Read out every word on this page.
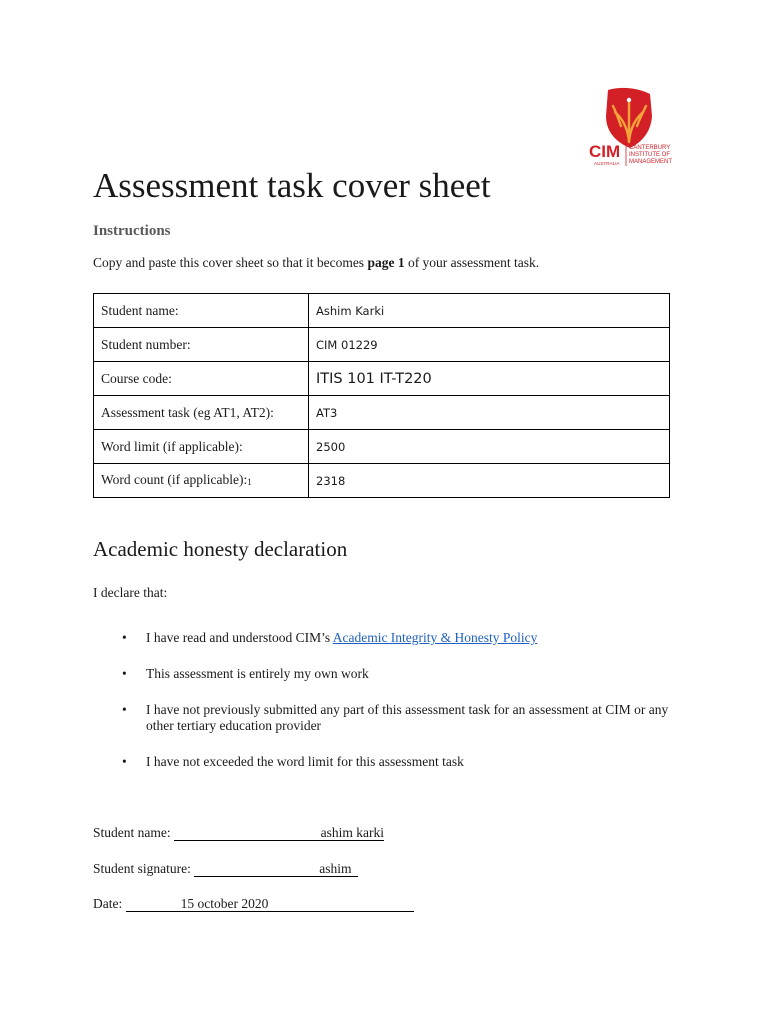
CIM CANTERBURY
INSTITUTE OF
MANAGEMENT
AUSTRALIA
Assessment task cover sheet
Instructions

Copy and paste this cover sheet so that it becomes page 1 of your assessment task.

Student name:	Ashim Karki
Student number:	CIM 01229
Course code:	ITIS 101 IT-T220
Assessment task (eg AT1, AT2):	AT3
Word limit (if applicable):	2500
Word count (if applicable):1	2318
Academic honesty declaration

I declare that:

• I have read and understood CIM’s Academic Integrity & Honesty Policy
• This assessment is entirely my own work
• I have not previously submitted any part of this assessment task for an assessment at CIM or any other tertiary education provider
• I have not exceeded the word limit for this assessment task

Student name:	ashim karki

Student signature:	ashim

Date:	15 october 2020
